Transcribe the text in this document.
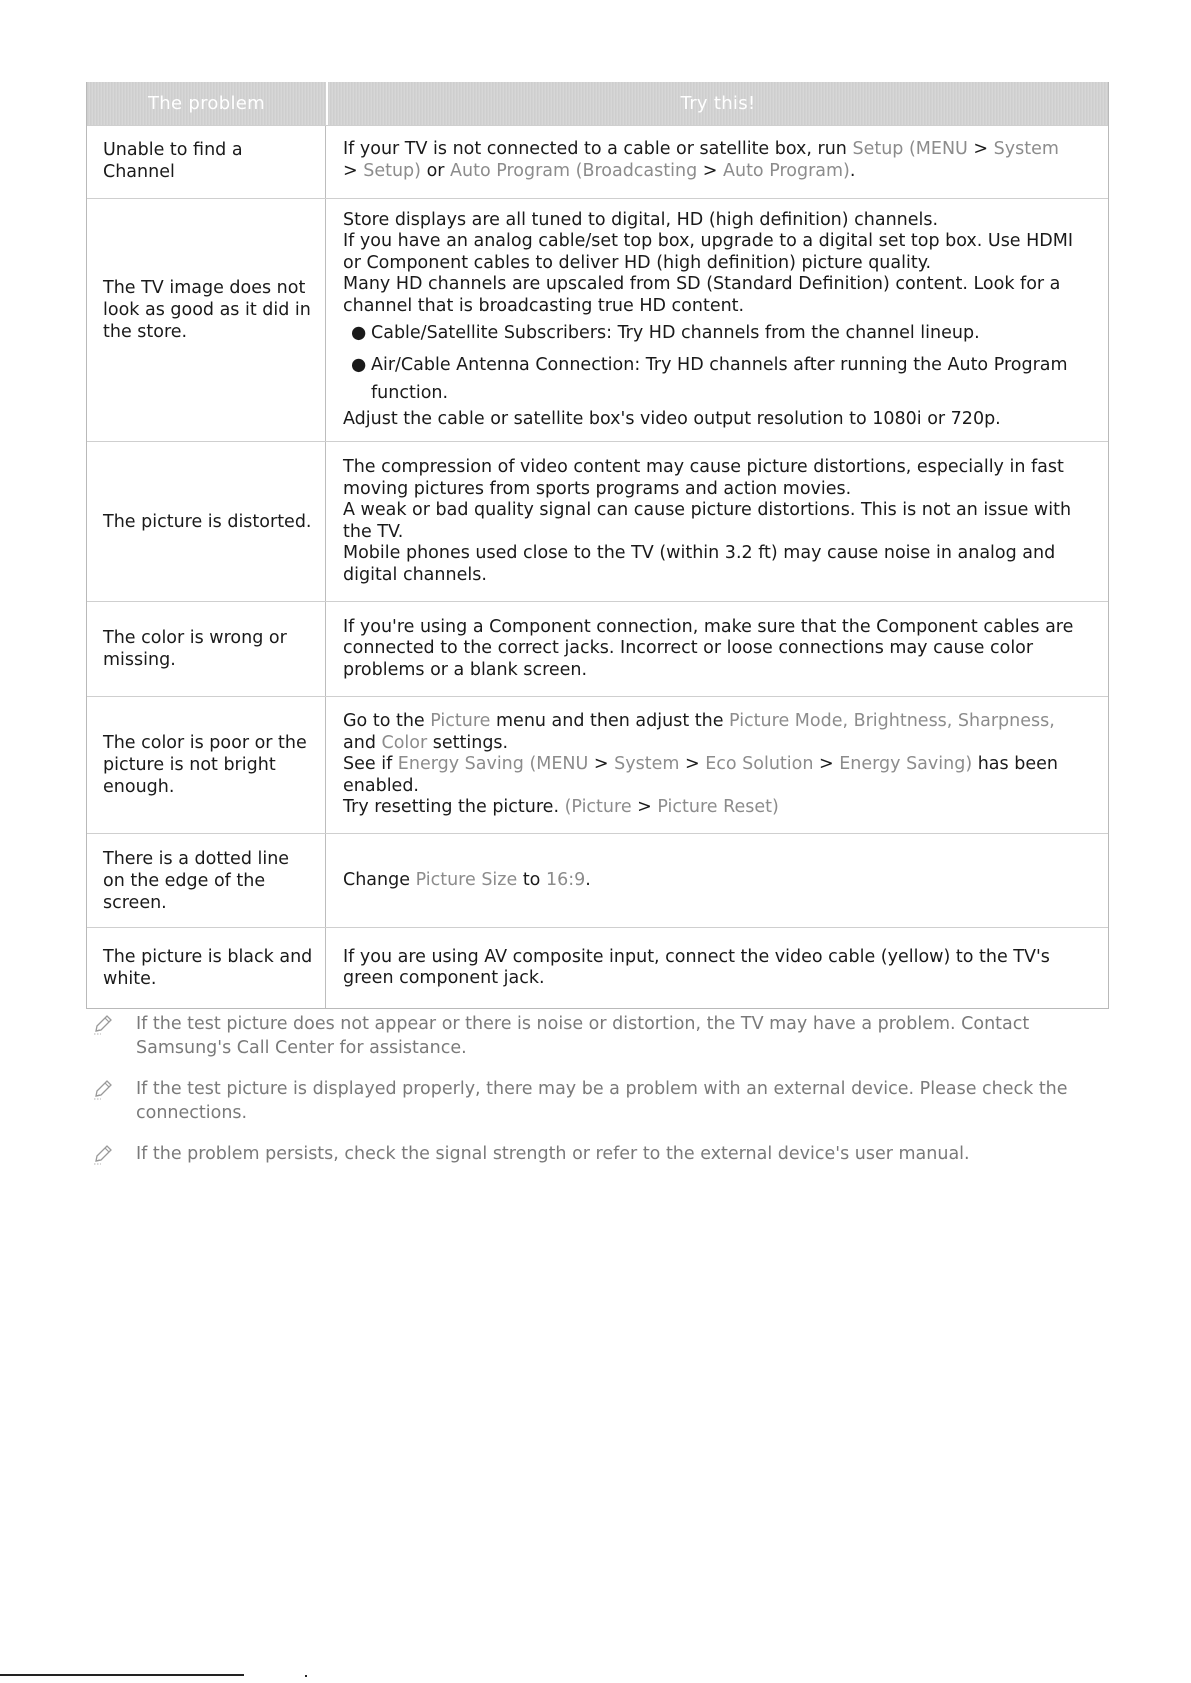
The problem	Try this!
Unable to find a Channel
If your TV is not connected to a cable or satellite box, run Setup (MENU > System
> Setup) or Auto Program (Broadcasting > Auto Program).
The TV image does not look as good as it did in the store.
Store displays are all tuned to digital, HD (high definition) channels.
If you have an analog cable/set top box, upgrade to a digital set top box. Use HDMI or Component cables to deliver HD (high definition) picture quality.
Many HD channels are upscaled from SD (Standard Definition) content. Look for a channel that is broadcasting true HD content.
● Cable/Satellite Subscribers: Try HD channels from the channel lineup.
● Air/Cable Antenna Connection: Try HD channels after running the Auto Program
function.
Adjust the cable or satellite box's video output resolution to 1080i or 720p.
The picture is distorted.
The compression of video content may cause picture distortions, especially in fast moving pictures from sports programs and action movies.
A weak or bad quality signal can cause picture distortions. This is not an issue with the TV.
Mobile phones used close to the TV (within 3.2 ft) may cause noise in analog and digital channels.
The color is wrong or missing.
If you're using a Component connection, make sure that the Component cables are connected to the correct jacks. Incorrect or loose connections may cause color problems or a blank screen.
The color is poor or the picture is not bright enough.
Go to the Picture menu and then adjust the Picture Mode, Brightness, Sharpness,
and Color settings.
See if Energy Saving (MENU > System > Eco Solution > Energy Saving) has been enabled.
Try resetting the picture. (Picture > Picture Reset)
There is a dotted line on the edge of the screen.
Change Picture Size to 16:9.
The picture is black and white.
If you are using AV composite input, connect the video cable (yellow) to the TV's green component jack.
If the test picture does not appear or there is noise or distortion, the TV may have a problem. Contact Samsung's Call Center for assistance.
If the test picture is displayed properly, there may be a problem with an external device. Please check the connections.
If the problem persists, check the signal strength or refer to the external device's user manual.
